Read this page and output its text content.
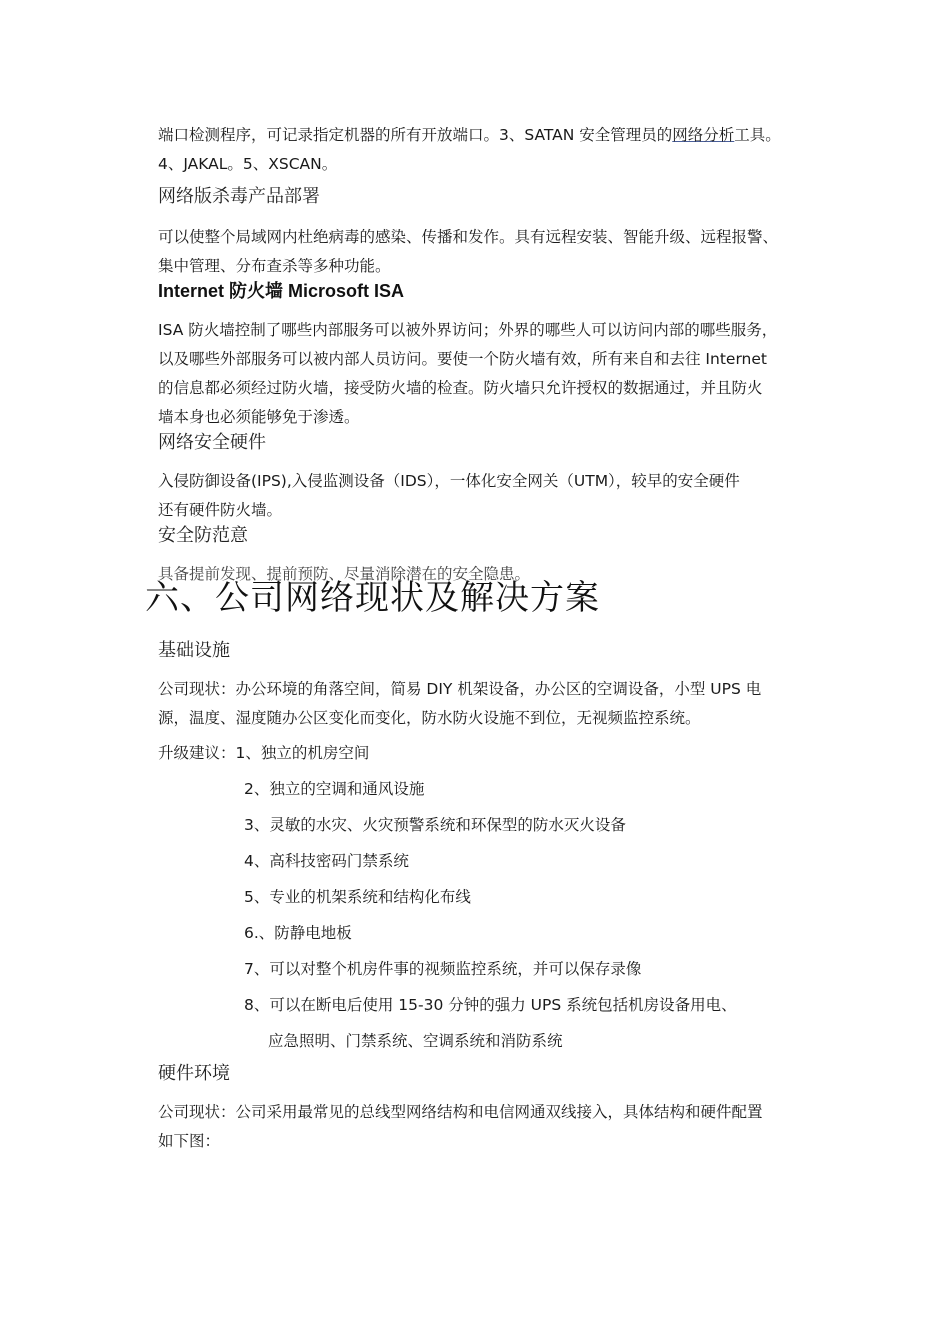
端口检测程序，可记录指定机器的所有开放端口。3、SATAN 安全管理员的网络分析工具。
4、JAKAL。5、XSCAN。
网络版杀毒产品部署
可以使整个局域网内杜绝病毒的感染、传播和发作。具有远程安装、智能升级、远程报警、
集中管理、分布查杀等多种功能。
Internet 防火墙 Microsoft ISA
ISA 防火墙控制了哪些内部服务可以被外界访问；外界的哪些人可以访问内部的哪些服务，
以及哪些外部服务可以被内部人员访问。要使一个防火墙有效，所有来自和去往 Internet
的信息都必须经过防火墙，接受防火墙的检查。防火墙只允许授权的数据通过，并且防火
墙本身也必须能够免于渗透。
网络安全硬件
入侵防御设备(IPS),入侵监测设备（IDS），一体化安全网关（UTM），较早的安全硬件
还有硬件防火墙。
安全防范意
具备提前发现、提前预防、尽量消除潜在的安全隐患。
六、公司网络现状及解决方案
基础设施
公司现状：办公环境的角落空间，简易 DIY 机架设备，办公区的空调设备，小型 UPS 电
源，温度、湿度随办公区变化而变化，防水防火设施不到位，无视频监控系统。
升级建议：1、独立的机房空间
2、独立的空调和通风设施
3、灵敏的水灾、火灾预警系统和环保型的防水灭火设备
4、高科技密码门禁系统
5、专业的机架系统和结构化布线
6.、防静电地板
7、可以对整个机房件事的视频监控系统，并可以保存录像
8、可以在断电后使用 15-30 分钟的强力 UPS 系统包括机房设备用电、
应急照明、门禁系统、空调系统和消防系统
硬件环境
公司现状：公司采用最常见的总线型网络结构和电信网通双线接入，具体结构和硬件配置
如下图：
